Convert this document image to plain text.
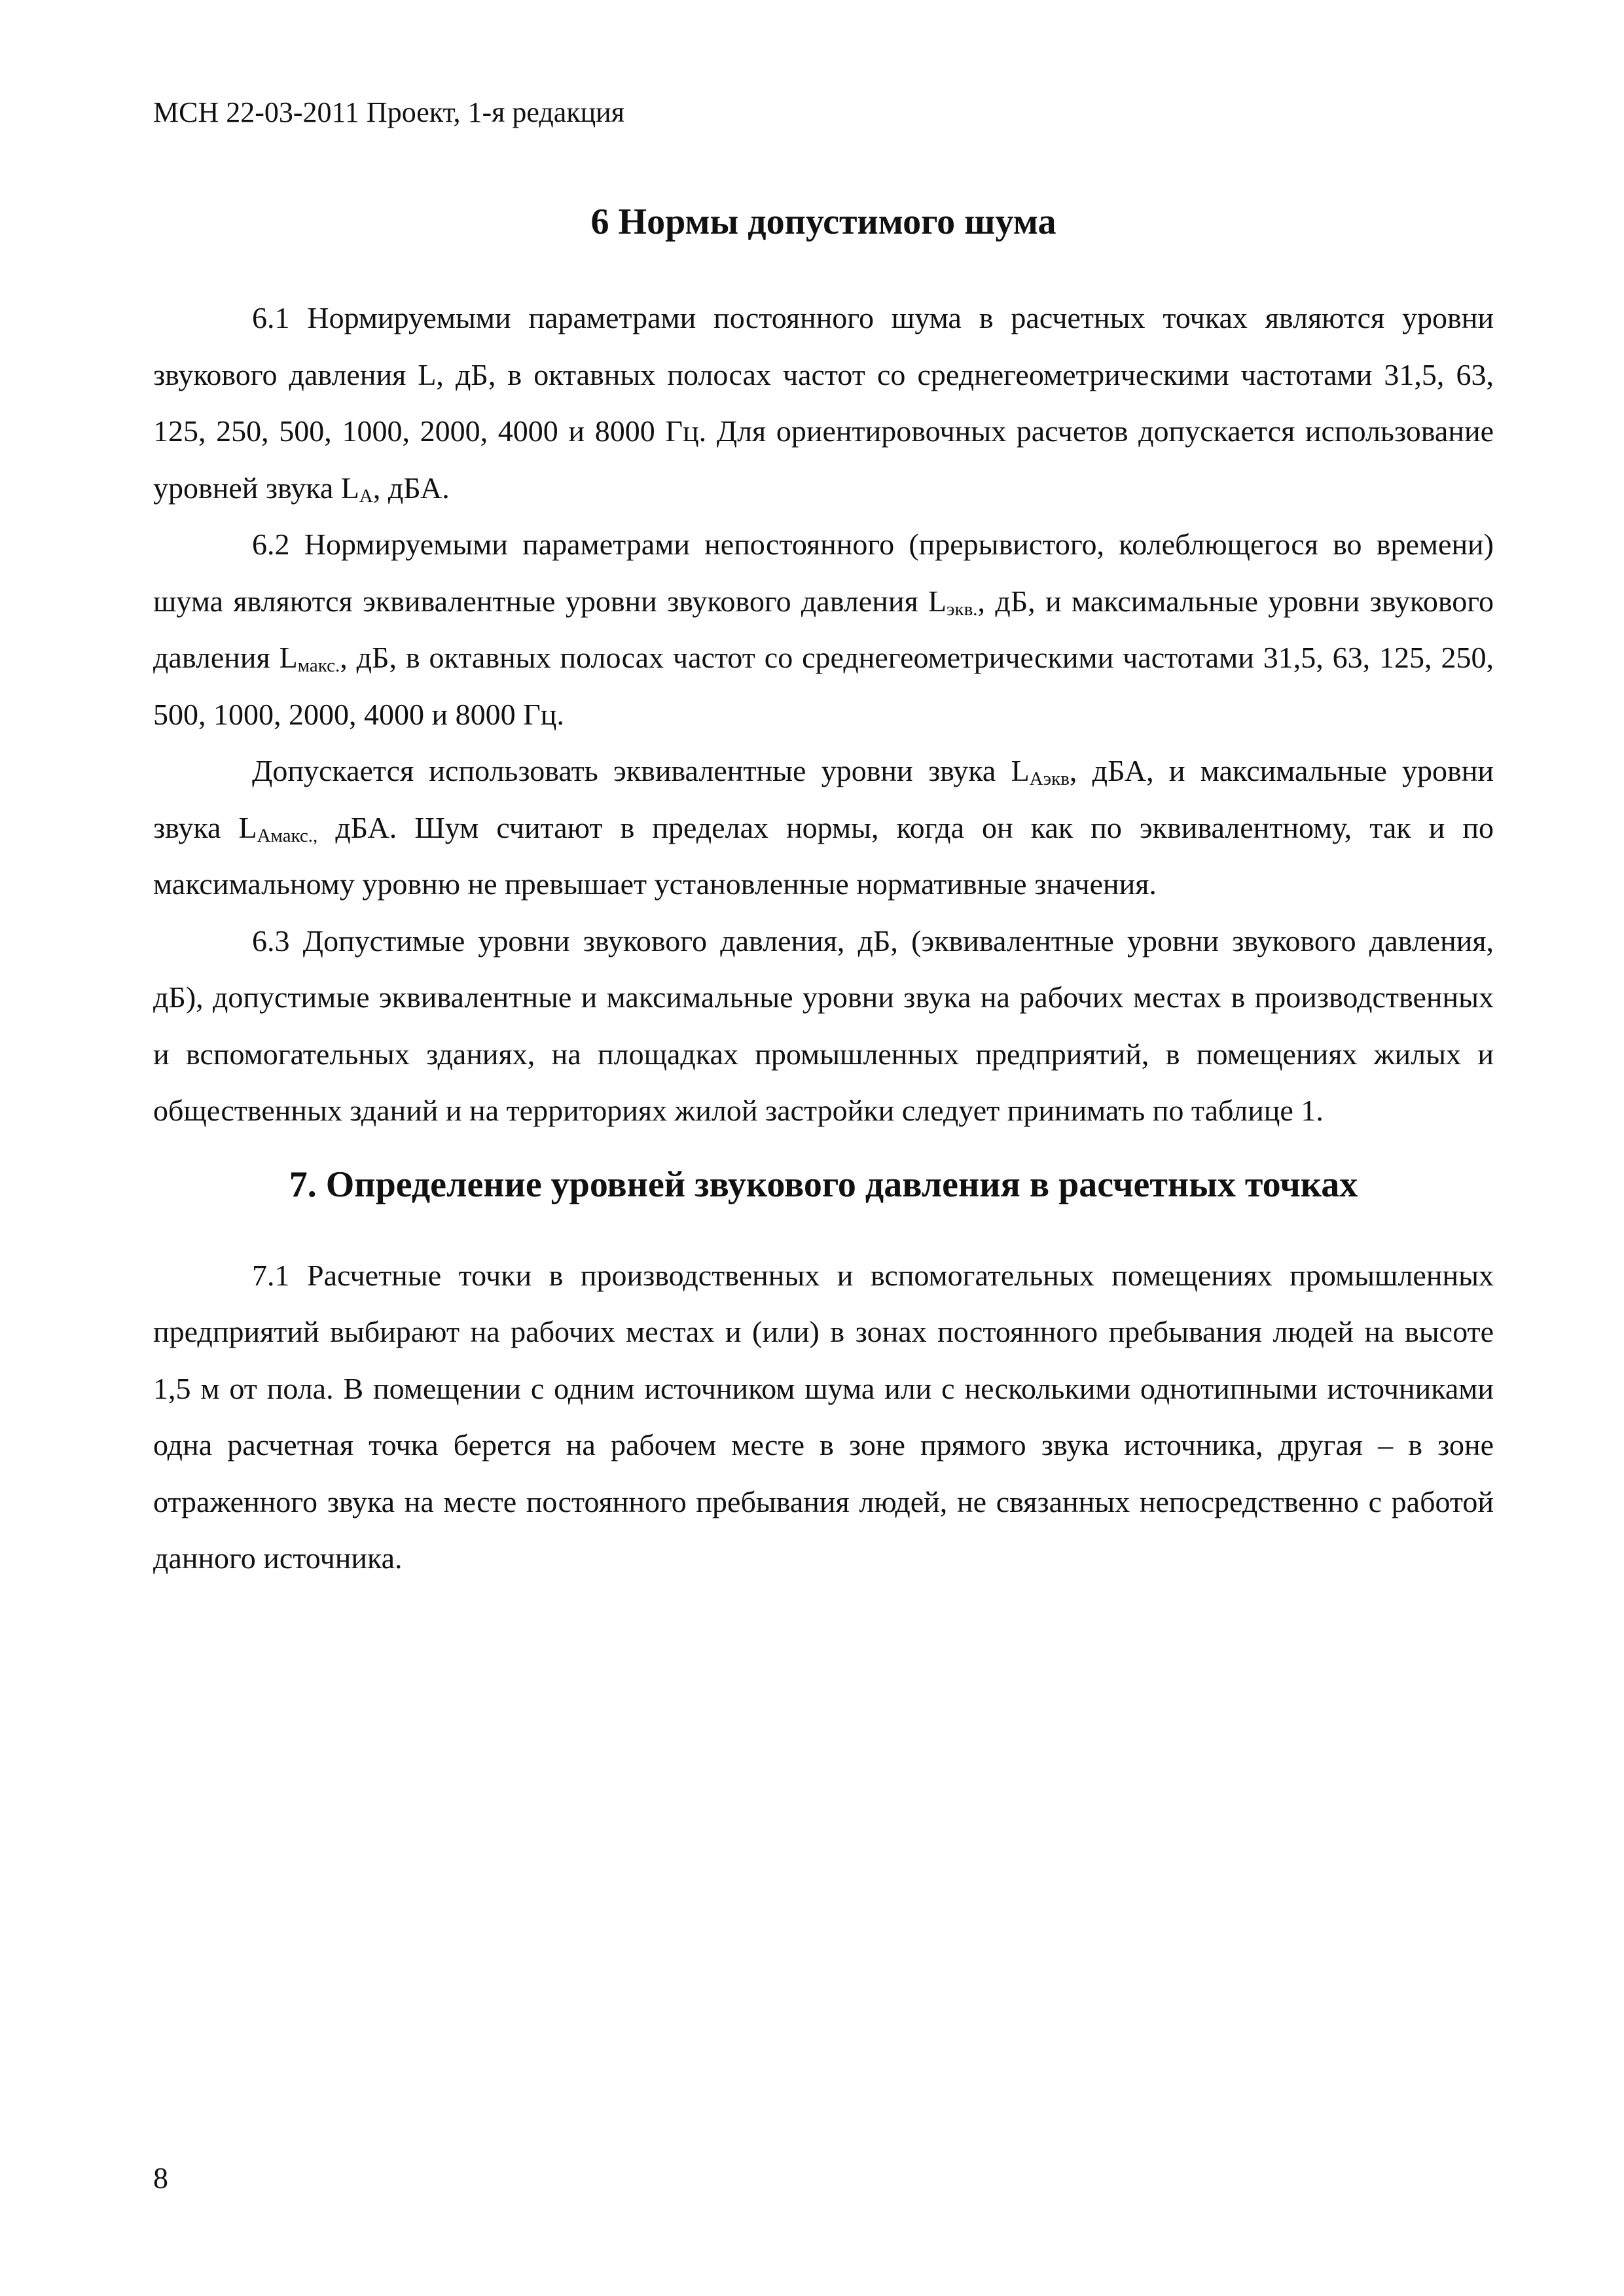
МСН 22-03-2011 Проект, 1-я редакция
6 Нормы допустимого шума

6.1 Нормируемыми параметрами постоянного шума в расчетных точках являются уровни звукового давления L, дБ, в октавных полосах частот со среднегеометрическими частотами 31,5, 63, 125, 250, 500, 1000, 2000, 4000 и 8000 Гц. Для ориентировочных расчетов допускается использование уровней звука $L_A$, дБА.

6.2 Нормируемыми параметрами непостоянного (прерывистого, колеблющегося во времени) шума являются эквивалентные уровни звукового давления $L_{экв.}$, дБ, и максимальные уровни звукового давления $L_{макс.}$, дБ, в октавных полосах частот со среднегеометрическими частотами 31,5, 63, 125, 250, 500, 1000, 2000, 4000 и 8000 Гц.

Допускается использовать эквивалентные уровни звука $L_{Аэкв}$, дБА, и максимальные уровни звука $L_{Амакс.,}$ дБА. Шум считают в пределах нормы, когда он как по эквивалентному, так и по максимальному уровню не превышает установленные нормативные значения.

6.3 Допустимые уровни звукового давления, дБ, (эквивалентные уровни звукового давления, дБ), допустимые эквивалентные и максимальные уровни звука на рабочих местах в производственных и вспомогательных зданиях, на площадках промышленных предприятий, в помещениях жилых и общественных зданий и на территориях жилой застройки следует принимать по таблице 1.

7. Определение уровней звукового давления в расчетных точках

7.1 Расчетные точки в производственных и вспомогательных помещениях промышленных предприятий выбирают на рабочих местах и (или) в зонах постоянного пребывания людей на высоте 1,5 м от пола. В помещении с одним источником шума или с несколькими однотипными источниками одна расчетная точка берется на рабочем месте в зоне прямого звука источника, другая – в зоне отраженного звука на месте постоянного пребывания людей, не связанных непосредственно с работой данного источника.

8
